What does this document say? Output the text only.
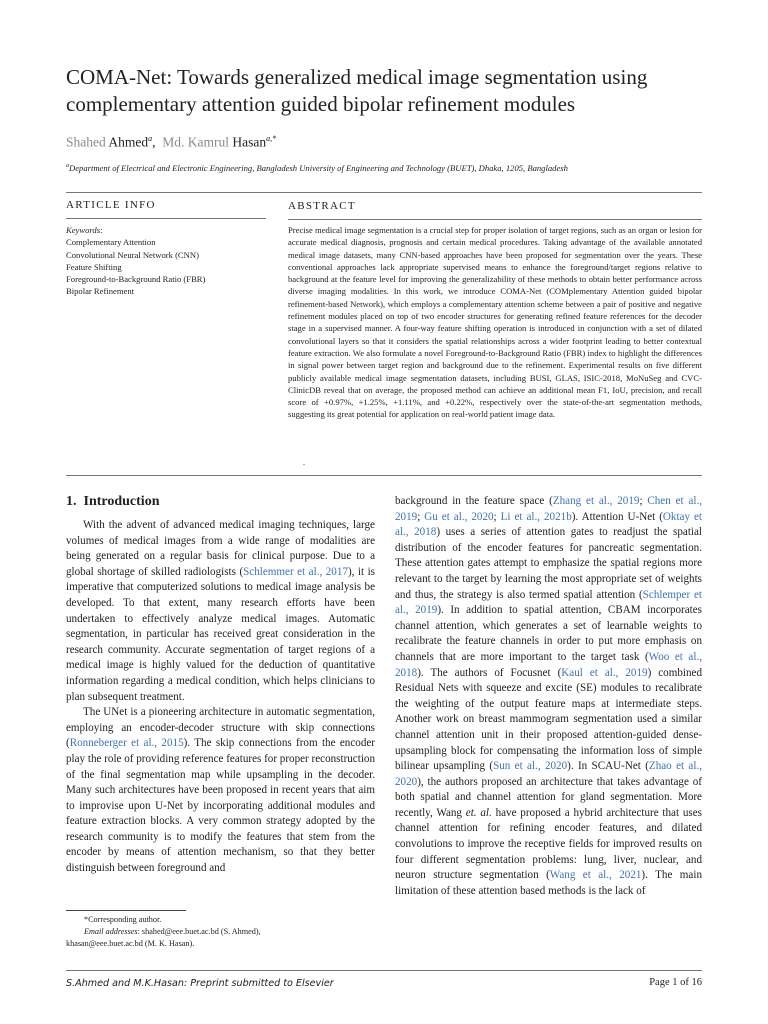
COMA-Net: Towards generalized medical image segmentation using complementary attention guided bipolar refinement modules
Shahed Ahmed$^a$, Md. Kamrul Hasan$^{a,*}$
$^a$Department of Electrical and Electronic Engineering, Bangladesh University of Engineering and Technology (BUET), Dhaka, 1205, Bangladesh
ARTICLE INFO	ABSTRACT
Keywords:
Complementary Attention
Convolutional Neural Network (CNN)
Feature Shifting
Foreground-to-Background Ratio (FBR)
Bipolar Refinement
Precise medical image segmentation is a crucial step for proper isolation of target regions, such as an organ or lesion for accurate medical diagnosis, prognosis and certain medical procedures. Taking advantage of the available annotated medical image datasets, many CNN-based approaches have been proposed for segmentation over the years. These conventional approaches lack appropriate supervised means to enhance the foreground/target regions relative to background at the feature level for improving the generalizability of these methods to obtain better performance across diverse imaging modalities. In this work, we introduce COMA-Net (COMplementary Attention guided bipolar refinement-based Network), which employs a complementary attention scheme between a pair of positive and negative refinement modules placed on top of two encoder structures for generating refined feature references for the decoder stage in a supervised manner. A four-way feature shifting operation is introduced in conjunction with a set of dilated convolutional layers so that it considers the spatial relationships across a wider footprint leading to better contextual feature extraction. We also formulate a novel Foreground-to-Background Ratio (FBR) index to highlight the differences in signal power between target region and background due to the refinement. Experimental results on five different publicly available medical image segmentation datasets, including BUSI, GLAS, ISIC-2018, MoNuSeg and CVC-ClinicDB reveal that on average, the proposed method can achieve an additional mean F1, IoU, precision, and recall score of +0.97%, +1.25%, +1.11%, and +0.22%, respectively over the state-of-the-art segmentation methods, suggesting its great potential for application on real-world patient image data.
.
1. Introduction

With the advent of advanced medical imaging techniques, large volumes of medical images from a wide range of modalities are being generated on a regular basis for clinical purpose. Due to a global shortage of skilled radiologists (Schlemmer et al., 2017), it is imperative that computerized solutions to medical image analysis be developed. To that extent, many research efforts have been undertaken to effectively analyze medical images. Automatic segmentation, in particular has received great consideration in the research community. Accurate segmentation of target regions of a medical image is highly valued for the deduction of quantitative information regarding a medical condition, which helps clinicians to plan subsequent treatment.

The UNet is a pioneering architecture in automatic segmentation, employing an encoder-decoder structure with skip connections (Ronneberger et al., 2015). The skip connections from the encoder play the role of providing reference features for proper reconstruction of the final segmentation map while upsampling in the decoder. Many such architectures have been proposed in recent years that aim to improvise upon U-Net by incorporating additional modules and feature extraction blocks. A very common strategy adopted by the research community is to modify the features that stem from the encoder by means of attention mechanism, so that they better distinguish between foreground and

background in the feature space (Zhang et al., 2019; Chen et al., 2019; Gu et al., 2020; Li et al., 2021b). Attention U-Net (Oktay et al., 2018) uses a series of attention gates to readjust the spatial distribution of the encoder features for pancreatic segmentation. These attention gates attempt to emphasize the spatial regions more relevant to the target by learning the most appropriate set of weights and thus, the strategy is also termed spatial attention (Schlemper et al., 2019). In addition to spatial attention, CBAM incorporates channel attention, which generates a set of learnable weights to recalibrate the feature channels in order to put more emphasis on channels that are more important to the target task (Woo et al., 2018). The authors of Focusnet (Kaul et al., 2019) combined Residual Nets with squeeze and excite (SE) modules to recalibrate the weighting of the output feature maps at intermediate steps. Another work on breast mammogram segmentation used a similar channel attention unit in their proposed attention-guided dense-upsampling block for compensating the information loss of simple bilinear upsampling (Sun et al., 2020). In SCAU-Net (Zhao et al., 2020), the authors proposed an architecture that takes advantage of both spatial and channel attention for gland segmentation. More recently, Wang et. al. have proposed a hybrid architecture that uses channel attention for refining encoder features, and dilated convolutions to improve the receptive fields for improved results on four different segmentation problems: lung, liver, nuclear, and neuron structure segmentation (Wang et al., 2021). The main limitation of these attention based methods is the lack of

*Corresponding author.
Email addresses: shahed@eee.buet.ac.bd (S. Ahmed),
khasan@eee.buet.ac.bd (M. K. Hasan).
S.Ahmed and M.K.Hasan: Preprint submitted to Elsevier	Page 1 of 16
